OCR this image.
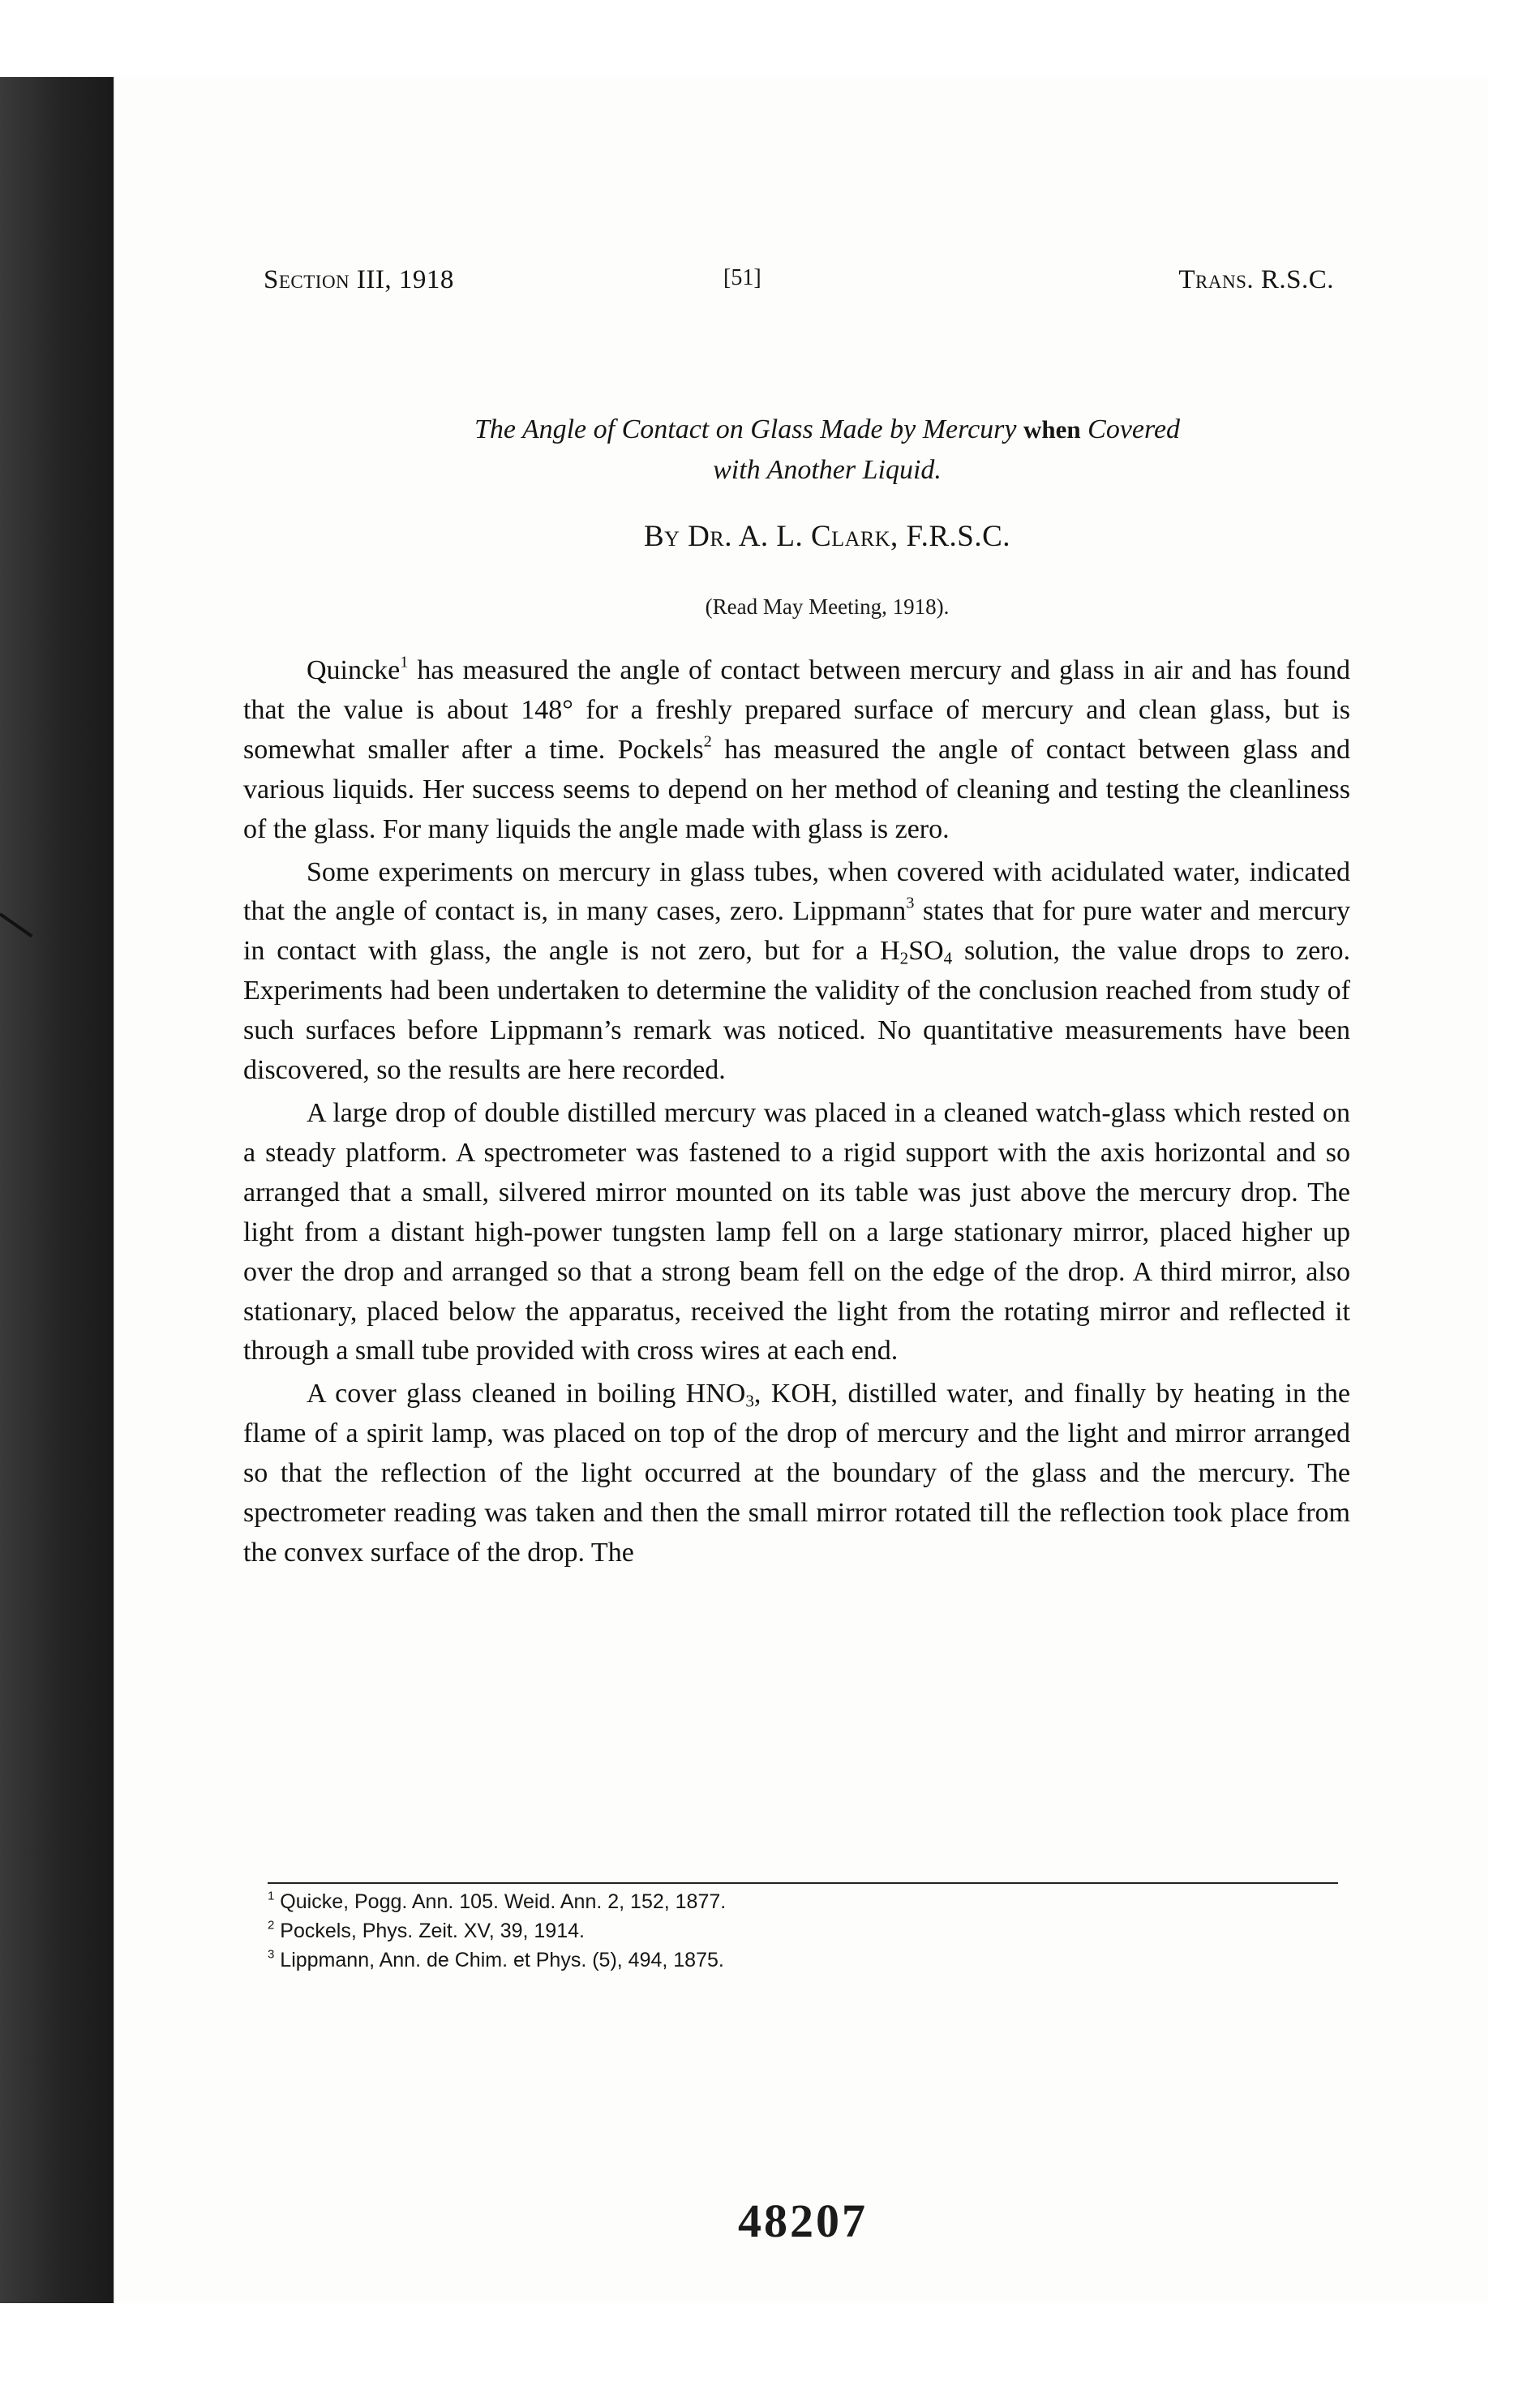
Section III, 1918	[51]	Trans. R.S.C.
The Angle of Contact on Glass Made by Mercury when Covered
with Another Liquid.
By Dr. A. L. Clark, F.R.S.C.
(Read May Meeting, 1918).

Quincke$^1$ has measured the angle of contact between mercury and glass in air and has found that the value is about 148° for a freshly prepared surface of mercury and clean glass, but is somewhat smaller after a time. Pockels$^2$ has measured the angle of contact between glass and various liquids. Her success seems to depend on her method of cleaning and testing the cleanliness of the glass. For many liquids the angle made with glass is zero.

Some experiments on mercury in glass tubes, when covered with acidulated water, indicated that the angle of contact is, in many cases, zero. Lippmann$^3$ states that for pure water and mercury in contact with glass, the angle is not zero, but for a $H_2SO_4$ solution, the value drops to zero. Experiments had been undertaken to determine the validity of the conclusion reached from study of such surfaces before Lippmann’s remark was noticed. No quantitative measurements have been discovered, so the results are here recorded.

A large drop of double distilled mercury was placed in a cleaned watch-glass which rested on a steady platform. A spectrometer was fastened to a rigid support with the axis horizontal and so arranged that a small, silvered mirror mounted on its table was just above the mercury drop. The light from a distant high-power tungsten lamp fell on a large stationary mirror, placed higher up over the drop and arranged so that a strong beam fell on the edge of the drop. A third mirror, also stationary, placed below the apparatus, received the light from the rotating mirror and reflected it through a small tube provided with cross wires at each end.

A cover glass cleaned in boiling $HNO_3$, KOH, distilled water, and finally by heating in the flame of a spirit lamp, was placed on top of the drop of mercury and the light and mirror arranged so that the reflection of the light occurred at the boundary of the glass and the mercury. The spectrometer reading was taken and then the small mirror rotated till the reflection took place from the convex surface of the drop. The

$^1$ Quicke, Pogg. Ann. 105. Weid. Ann. 2, 152, 1877.
$^2$ Pockels, Phys. Zeit. XV, 39, 1914.
$^3$ Lippmann, Ann. de Chim. et Phys. (5), 494, 1875.
48207
